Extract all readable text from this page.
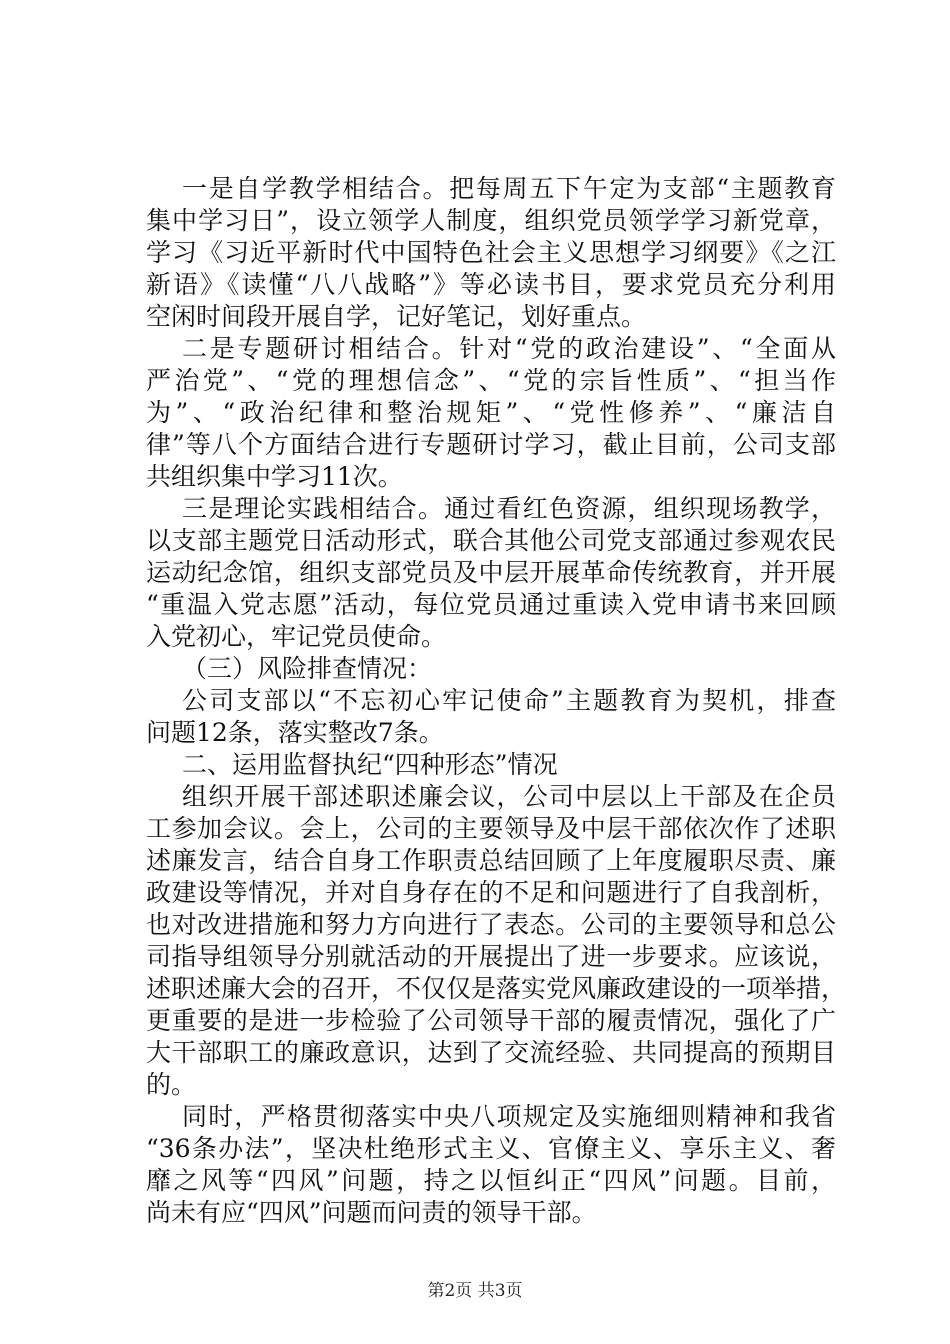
一是自学教学相结合。把每周五下午定为支部“主题教育
集中学习日”，设立领学人制度，组织党员领学学习新党章，
学习《习近平新时代中国特色社会主义思想学习纲要》《之江
新语》《读懂“八八战略”》等必读书目，要求党员充分利用
空闲时间段开展自学，记好笔记，划好重点。
二是专题研讨相结合。针对“党的政治建设”、“全面从
严治党”、“党的理想信念”、“党的宗旨性质”、“担当作
为”、“政治纪律和整治规矩”、“党性修养”、“廉洁自
律”等八个方面结合进行专题研讨学习，截止目前，公司支部
共组织集中学习11次。
三是理论实践相结合。通过看红色资源，组织现场教学，
以支部主题党日活动形式，联合其他公司党支部通过参观农民
运动纪念馆，组织支部党员及中层开展革命传统教育，并开展
“重温入党志愿”活动，每位党员通过重读入党申请书来回顾
入党初心，牢记党员使命。
（三）风险排查情况：
公司支部以“不忘初心牢记使命”主题教育为契机，排查
问题12条，落实整改7条。
二、运用监督执纪“四种形态”情况
组织开展干部述职述廉会议，公司中层以上干部及在企员
工参加会议。会上，公司的主要领导及中层干部依次作了述职
述廉发言，结合自身工作职责总结回顾了上年度履职尽责、廉
政建设等情况，并对自身存在的不足和问题进行了自我剖析，
也对改进措施和努力方向进行了表态。公司的主要领导和总公
司指导组领导分别就活动的开展提出了进一步要求。应该说，
述职述廉大会的召开，不仅仅是落实党风廉政建设的一项举措，
更重要的是进一步检验了公司领导干部的履责情况，强化了广
大干部职工的廉政意识，达到了交流经验、共同提高的预期目
的。
同时，严格贯彻落实中央八项规定及实施细则精神和我省
“36条办法”，坚决杜绝形式主义、官僚主义、享乐主义、奢
靡之风等“四风”问题，持之以恒纠正“四风”问题。目前，
尚未有应“四风”问题而问责的领导干部。
第2页 共3页
